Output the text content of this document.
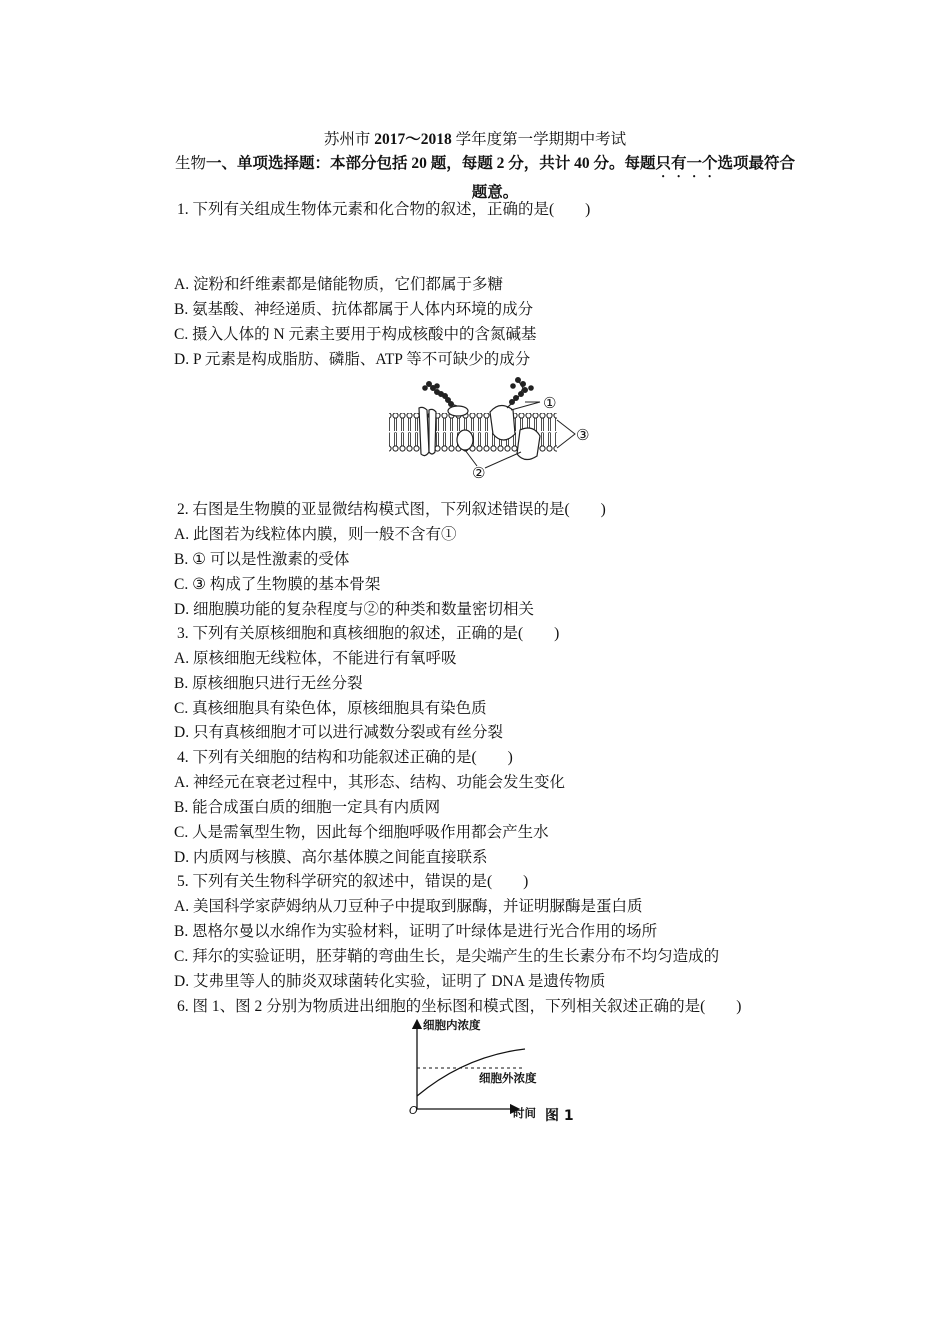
苏州市 2017～2018 学年度第一学期期中考试
生物一、单项选择题：本部分包括 20 题，每题 2 分，共计 40 分。每题只有一个选项最符合
题意。
1. 下列有关组成生物体元素和化合物的叙述，正确的是(　　)
A. 淀粉和纤维素都是储能物质，它们都属于多糖
B. 氨基酸、神经递质、抗体都属于人体内环境的成分
C. 摄入人体的 N 元素主要用于构成核酸中的含氮碱基
D. P 元素是构成脂肪、磷脂、ATP 等不可缺少的成分
①
③
②
2. 右图是生物膜的亚显微结构模式图，下列叙述错误的是(　　)
A. 此图若为线粒体内膜，则一般不含有①
B. ① 可以是性激素的受体
C. ③ 构成了生物膜的基本骨架
D. 细胞膜功能的复杂程度与②的种类和数量密切相关
3. 下列有关原核细胞和真核细胞的叙述，正确的是(　　)
A. 原核细胞无线粒体，不能进行有氧呼吸
B. 原核细胞只进行无丝分裂
C. 真核细胞具有染色体，原核细胞具有染色质
D. 只有真核细胞才可以进行减数分裂或有丝分裂
4. 下列有关细胞的结构和功能叙述正确的是(　　)
A. 神经元在衰老过程中，其形态、结构、功能会发生变化
B. 能合成蛋白质的细胞一定具有内质网
C. 人是需氧型生物，因此每个细胞呼吸作用都会产生水
D. 内质网与核膜、高尔基体膜之间能直接联系
5. 下列有关生物科学研究的叙述中，错误的是(　　)
A. 美国科学家萨姆纳从刀豆种子中提取到脲酶，并证明脲酶是蛋白质
B. 恩格尔曼以水绵作为实验材料，证明了叶绿体是进行光合作用的场所
C. 拜尔的实验证明，胚芽鞘的弯曲生长，是尖端产生的生长素分布不均匀造成的
D. 艾弗里等人的肺炎双球菌转化实验，证明了 DNA 是遗传物质
6. 图 1、图 2 分别为物质进出细胞的坐标图和模式图，下列相关叙述正确的是(　　)
细胞内浓度
细胞外浓度
O	时间 图 1
